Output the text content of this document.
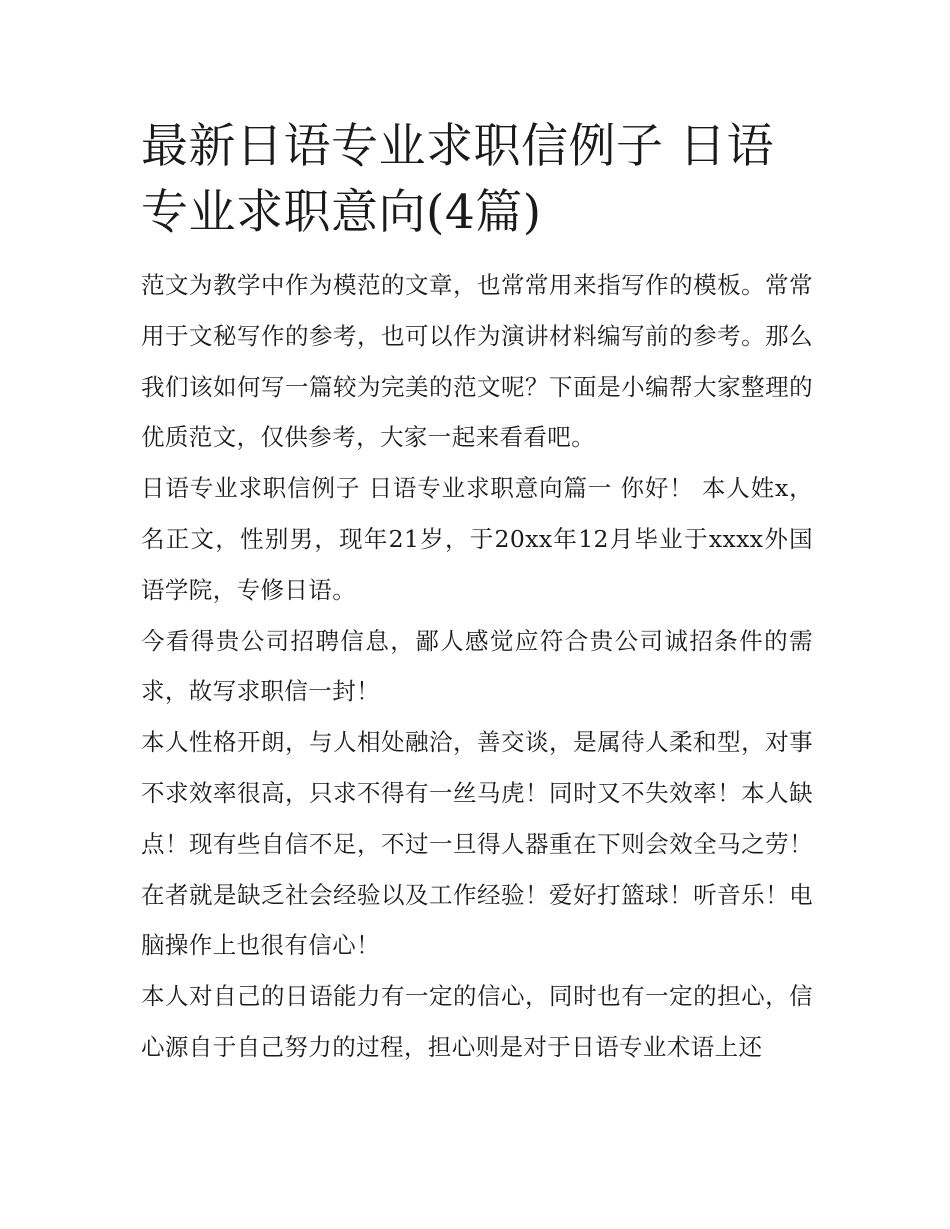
最新日语专业求职信例子 日语专业求职意向(4篇)

范文为教学中作为模范的文章，也常常用来指写作的模板。常常用于文秘写作的参考，也可以作为演讲材料编写前的参考。那么我们该如何写一篇较为完美的范文呢？下面是小编帮大家整理的优质范文，仅供参考，大家一起来看看吧。

日语专业求职信例子 日语专业求职意向篇一 你好！ 本人姓x，名正文，性别男，现年21岁，于20xx年12月毕业于xxxx外国语学院，专修日语。

今看得贵公司招聘信息，鄙人感觉应符合贵公司诚招条件的需求，故写求职信一封！

本人性格开朗，与人相处融洽，善交谈，是属待人柔和型，对事不求效率很高，只求不得有一丝马虎！同时又不失效率！本人缺点！现有些自信不足，不过一旦得人器重在下则会效全马之劳！在者就是缺乏社会经验以及工作经验！爱好打篮球！听音乐！电脑操作上也很有信心！

本人对自己的日语能力有一定的信心，同时也有一定的担心，信心源自于自己努力的过程，担心则是对于日语专业术语上还
